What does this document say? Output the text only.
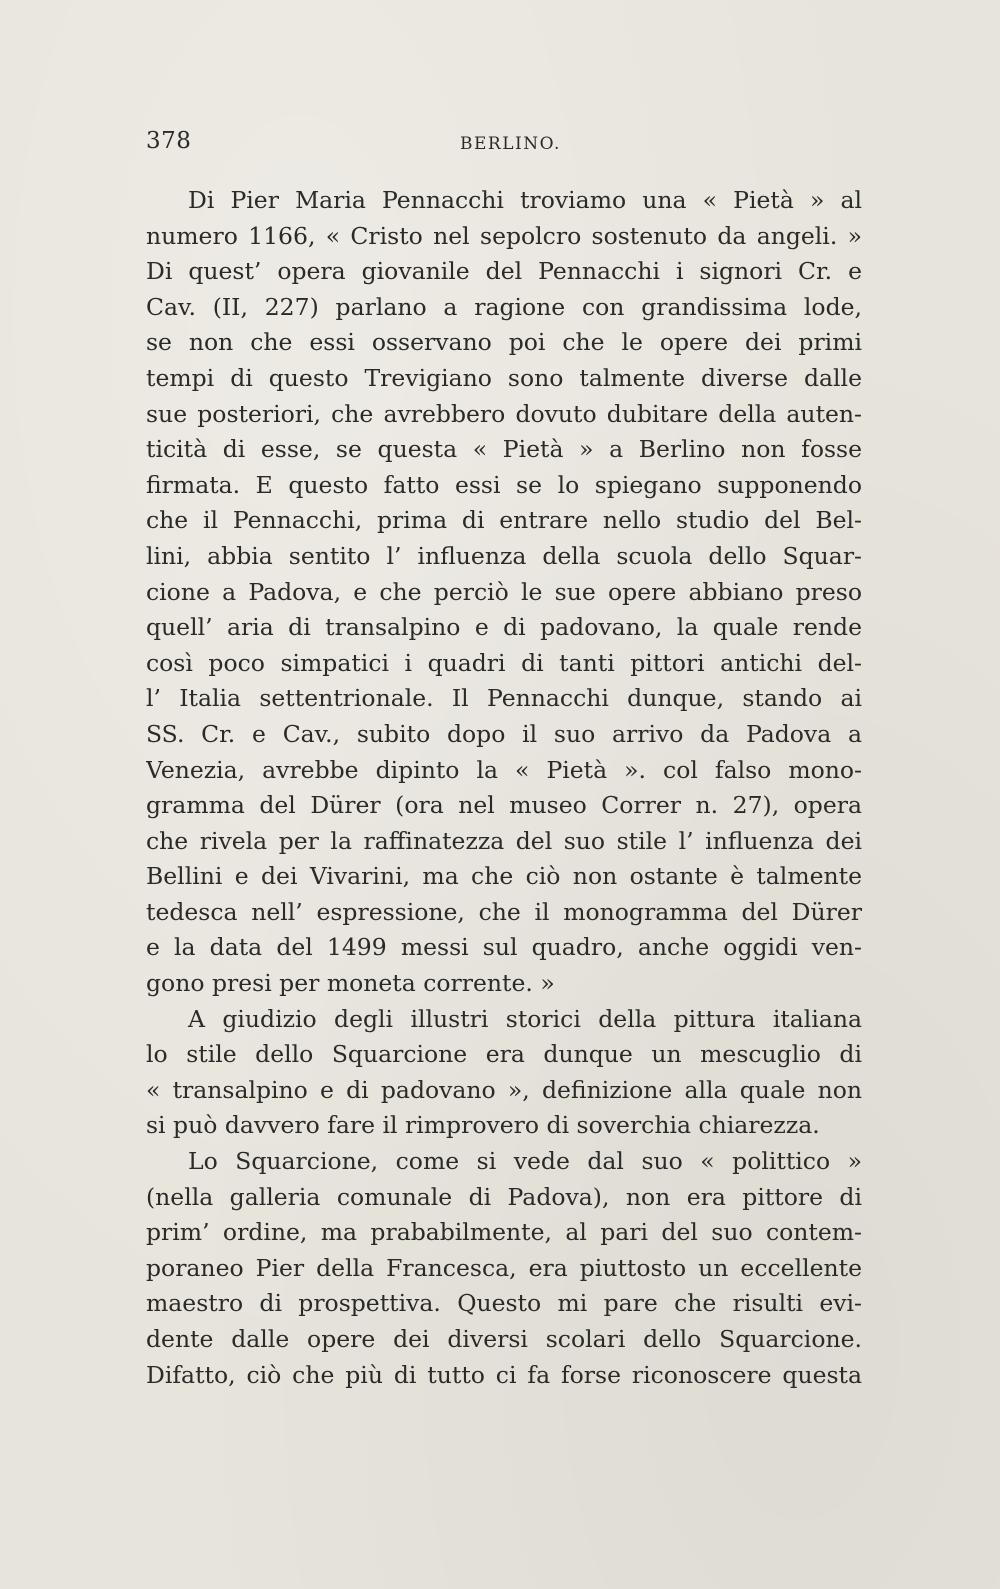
378	BERLINO.
Di Pier Maria Pennacchi troviamo una « Pietà » al
numero 1166, « Cristo nel sepolcro sostenuto da angeli. »
Di quest’ opera giovanile del Pennacchi i signori Cr. e
Cav. (II, 227) parlano a ragione con grandissima lode,
se non che essi osservano poi che le opere dei primi
tempi di questo Trevigiano sono talmente diverse dalle
sue posteriori, che avrebbero dovuto dubitare della auten-
ticità di esse, se questa « Pietà » a Berlino non fosse
firmata. E questo fatto essi se lo spiegano supponendo
che il Pennacchi, prima di entrare nello studio del Bel-
lini, abbia sentito l’ influenza della scuola dello Squar-
cione a Padova, e che perciò le sue opere abbiano preso
quell’ aria di transalpino e di padovano, la quale rende
così poco simpatici i quadri di tanti pittori antichi del-
l’ Italia settentrionale. Il Pennacchi dunque, stando ai
SS. Cr. e Cav., subito dopo il suo arrivo da Padova a
Venezia, avrebbe dipinto la « Pietà ». col falso mono-
gramma del Dürer (ora nel museo Correr n. 27), opera
che rivela per la raffinatezza del suo stile l’ influenza dei
Bellini e dei Vivarini, ma che ciò non ostante è talmente
tedesca nell’ espressione, che il monogramma del Dürer
e la data del 1499 messi sul quadro, anche oggidi ven-
gono presi per moneta corrente. »
A giudizio degli illustri storici della pittura italiana
lo stile dello Squarcione era dunque un mescuglio di
« transalpino e di padovano », definizione alla quale non
si può davvero fare il rimprovero di soverchia chiarezza.
Lo Squarcione, come si vede dal suo « polittico »
(nella galleria comunale di Padova), non era pittore di
prim’ ordine, ma prababilmente, al pari del suo contem-
poraneo Pier della Francesca, era piuttosto un eccellente
maestro di prospettiva. Questo mi pare che risulti evi-
dente dalle opere dei diversi scolari dello Squarcione.
Difatto, ciò che più di tutto ci fa forse riconoscere questa
